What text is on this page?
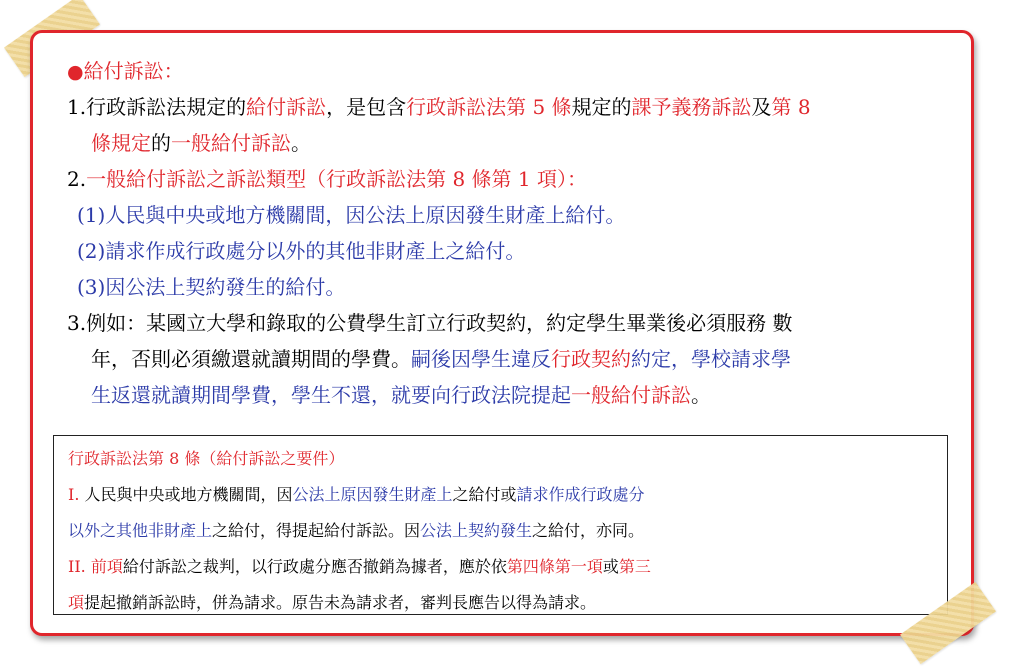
●給付訴訟：
1.行政訴訟法規定的給付訴訟，是包含行政訴訟法第 5 條規定的課予義務訴訟及第 8
條規定的一般給付訴訟。
2.一般給付訴訟之訴訟類型（行政訴訟法第 8 條第 1 項）：
(1)人民與中央或地方機關間，因公法上原因發生財產上給付。
(2)請求作成行政處分以外的其他非財產上之給付。
(3)因公法上契約發生的給付。
3.例如：某國立大學和錄取的公費學生訂立行政契約，約定學生畢業後必須服務 數
年，否則必須繳還就讀期間的學費。嗣後因學生違反行政契約約定，學校請求學
生返還就讀期間學費，學生不還，就要向行政法院提起一般給付訴訟。
行政訴訟法第 8 條（給付訴訟之要件）
I. 人民與中央或地方機關間，因公法上原因發生財產上之給付或請求作成行政處分
以外之其他非財產上之給付，得提起給付訴訟。因公法上契約發生之給付，亦同。
II. 前項給付訴訟之裁判，以行政處分應否撤銷為據者，應於依第四條第一項或第三
項提起撤銷訴訟時，併為請求。原告未為請求者，審判長應告以得為請求。
